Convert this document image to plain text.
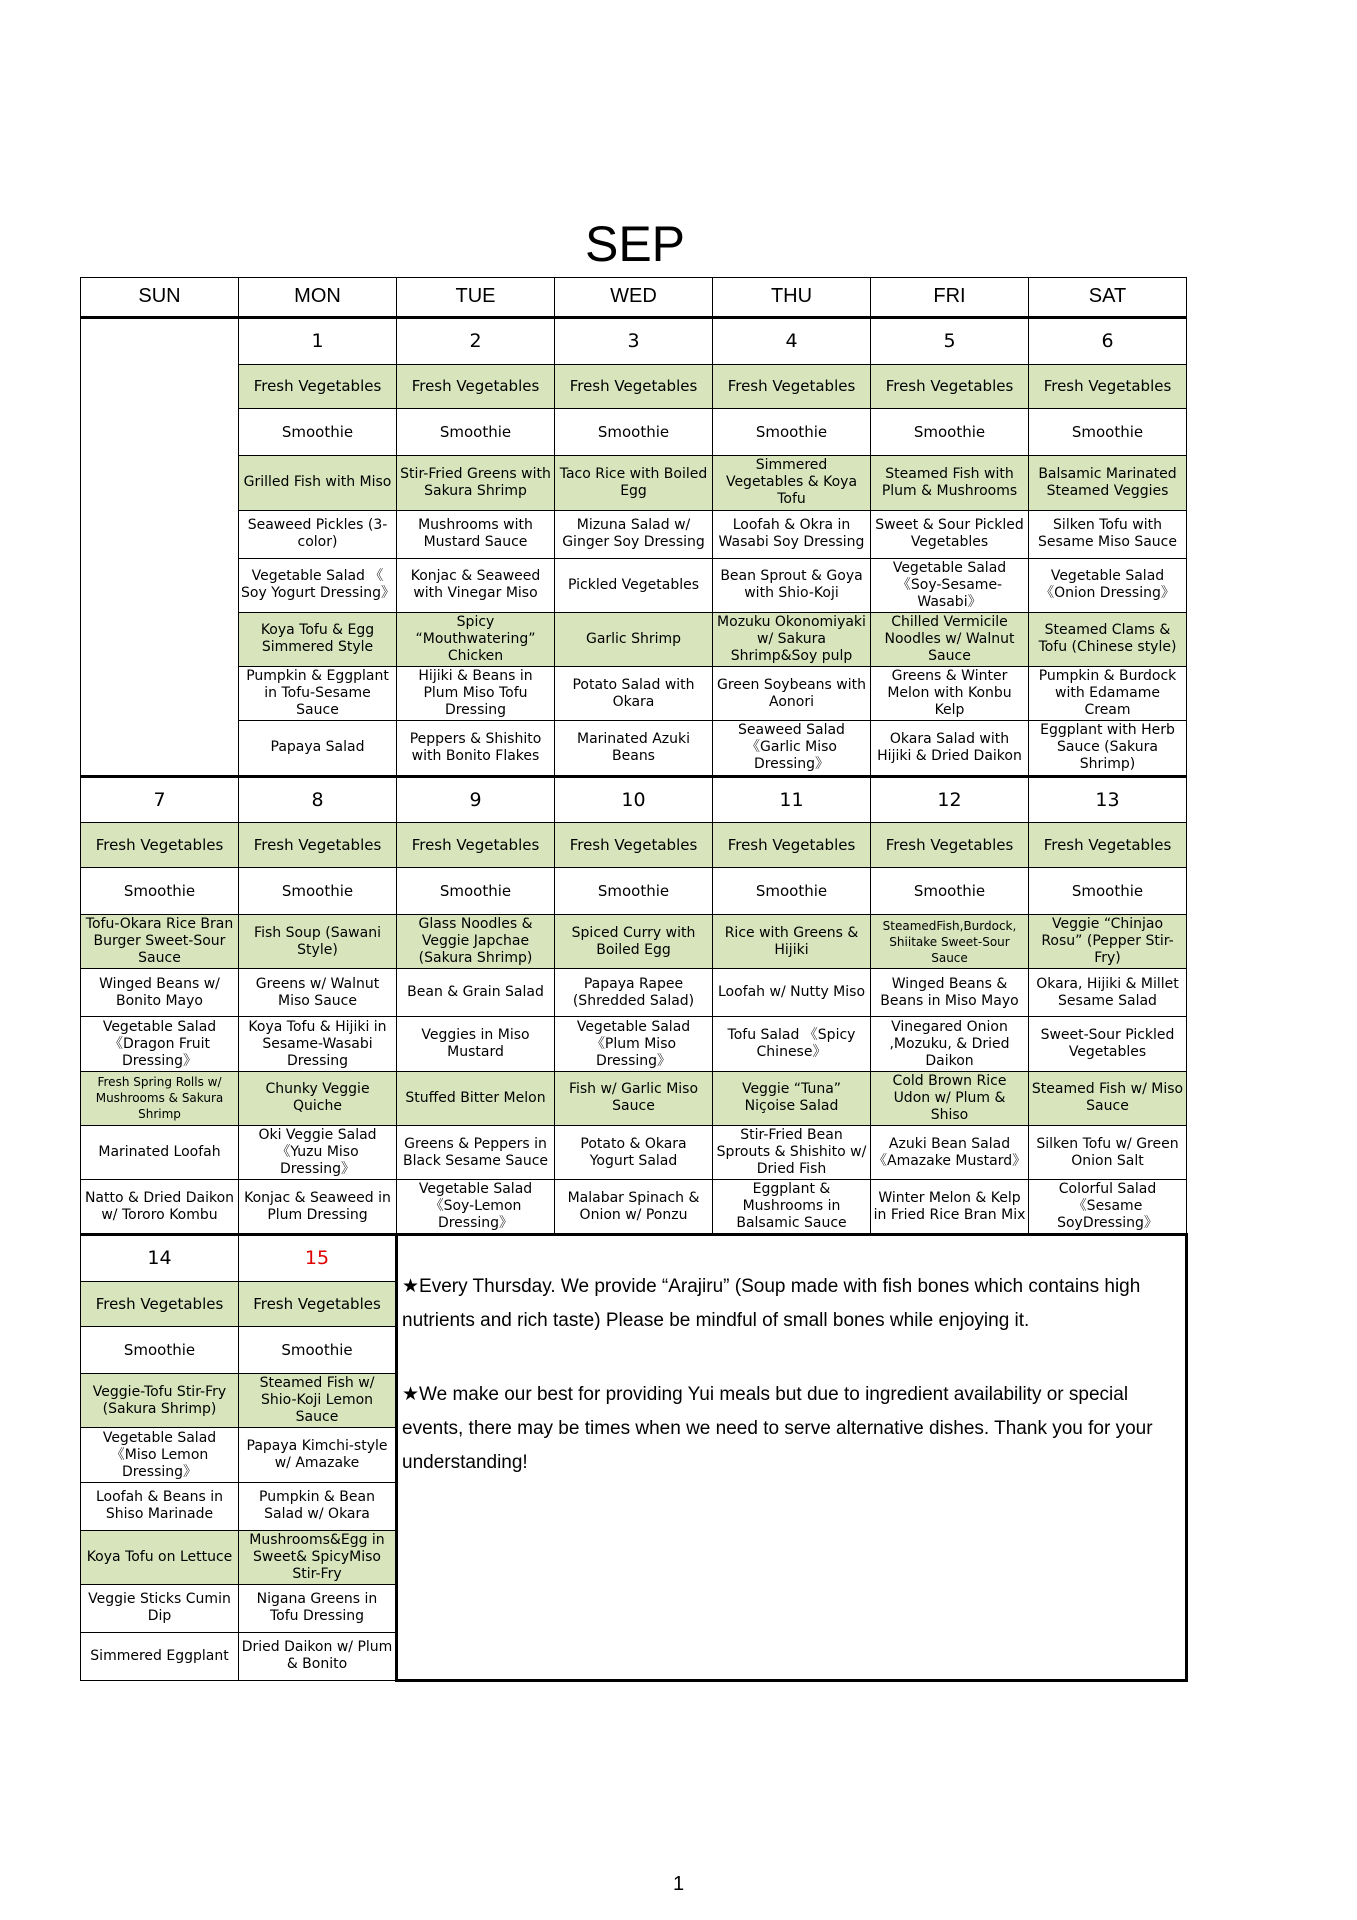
SEP
SUN	MON	TUE	WED	THU	FRI	SAT
	1	2	3	4	5	6
	Fresh Vegetables	Fresh Vegetables	Fresh Vegetables	Fresh Vegetables	Fresh Vegetables	Fresh Vegetables
	Smoothie	Smoothie	Smoothie	Smoothie	Smoothie	Smoothie
	Grilled Fish with Miso	Stir-Fried Greens with Sakura Shrimp	Taco Rice with Boiled Egg	Simmered Vegetables & Koya Tofu	Steamed Fish with Plum & Mushrooms	Balsamic Marinated Steamed Veggies
	Seaweed Pickles (3-color)	Mushrooms with Mustard Sauce	Mizuna Salad w/ Ginger Soy Dressing	Loofah & Okra in Wasabi Soy Dressing	Sweet & Sour Pickled Vegetables	Silken Tofu with Sesame Miso Sauce
	Vegetable Salad 《 Soy Yogurt Dressing》	Konjac & Seaweed with Vinegar Miso	Pickled Vegetables	Bean Sprout & Goya with Shio-Koji	Vegetable Salad 《Soy-Sesame-Wasabi》	Vegetable Salad 《Onion Dressing》
	Koya Tofu & Egg Simmered Style	Spicy “Mouthwatering” Chicken	Garlic Shrimp	Mozuku Okonomiyaki w/ Sakura Shrimp&Soy pulp	Chilled Vermicile Noodles w/ Walnut Sauce	Steamed Clams & Tofu (Chinese style)
	Pumpkin & Eggplant in Tofu-Sesame Sauce	Hijiki & Beans in Plum Miso Tofu Dressing	Potato Salad with Okara	Green Soybeans with Aonori	Greens & Winter Melon with Konbu Kelp	Pumpkin & Burdock with Edamame Cream
	Papaya Salad	Peppers & Shishito with Bonito Flakes	Marinated Azuki Beans	Seaweed Salad 《Garlic Miso Dressing》	Okara Salad with Hijiki & Dried Daikon	Eggplant with Herb Sauce (Sakura Shrimp)
7	8	9	10	11	12	13
Fresh Vegetables	Fresh Vegetables	Fresh Vegetables	Fresh Vegetables	Fresh Vegetables	Fresh Vegetables	Fresh Vegetables
Smoothie	Smoothie	Smoothie	Smoothie	Smoothie	Smoothie	Smoothie
Tofu-Okara Rice Bran Burger Sweet-Sour Sauce	Fish Soup (Sawani Style)	Glass Noodles & Veggie Japchae (Sakura Shrimp)	Spiced Curry with Boiled Egg	Rice with Greens & Hijiki	SteamedFish,Burdock, Shiitake Sweet-Sour Sauce	Veggie “Chinjao Rosu” (Pepper Stir-Fry)
Winged Beans w/ Bonito Mayo	Greens w/ Walnut Miso Sauce	Bean & Grain Salad	Papaya Rapee (Shredded Salad)	Loofah w/ Nutty Miso	Winged Beans & Beans in Miso Mayo	Okara, Hijiki & Millet Sesame Salad
Vegetable Salad 《Dragon Fruit Dressing》	Koya Tofu & Hijiki in Sesame-Wasabi Dressing	Veggies in Miso Mustard	Vegetable Salad 《Plum Miso Dressing》	Tofu Salad 《Spicy Chinese》	Vinegared Onion ,Mozuku, & Dried Daikon	Sweet-Sour Pickled Vegetables
Fresh Spring Rolls w/ Mushrooms & Sakura Shrimp	Chunky Veggie Quiche	Stuffed Bitter Melon	Fish w/ Garlic Miso Sauce	Veggie “Tuna” Niçoise Salad	Cold Brown Rice Udon w/ Plum & Shiso	Steamed Fish w/ Miso Sauce
Marinated Loofah	Oki Veggie Salad 《Yuzu Miso Dressing》	Greens & Peppers in Black Sesame Sauce	Potato & Okara Yogurt Salad	Stir-Fried Bean Sprouts & Shishito w/ Dried Fish	Azuki Bean Salad 《Amazake Mustard》	Silken Tofu w/ Green Onion Salt
Natto & Dried Daikon w/ Tororo Kombu	Konjac & Seaweed in Plum Dressing	Vegetable Salad 《Soy-Lemon Dressing》	Malabar Spinach & Onion w/ Ponzu	Eggplant & Mushrooms in Balsamic Sauce	Winter Melon & Kelp in Fried Rice Bran Mix	Colorful Salad 《Sesame SoyDressing》
14	15	★Every Thursday. We provide “Arajiru” (Soup made with fish bones which contains high nutrients and rich taste) Please be mindful of small bones while enjoying it.

★We make our best for providing Yui meals but due to ingredient availability or special events, there may be times when we need to serve alternative dishes. Thank you for your understanding!				

Fresh Vegetables	Fresh Vegetables					
Smoothie	Smoothie					
Veggie-Tofu Stir-Fry (Sakura Shrimp)	Steamed Fish w/ Shio-Koji Lemon Sauce					
Vegetable Salad《Miso Lemon Dressing》	Papaya Kimchi-style w/ Amazake					
Loofah & Beans in Shiso Marinade	Pumpkin & Bean Salad w/ Okara					
Koya Tofu on Lettuce	Mushrooms&Egg in Sweet& SpicyMiso Stir-Fry					
Veggie Sticks Cumin Dip	Nigana Greens in Tofu Dressing					
Simmered Eggplant	Dried Daikon w/ Plum & Bonito					
1
